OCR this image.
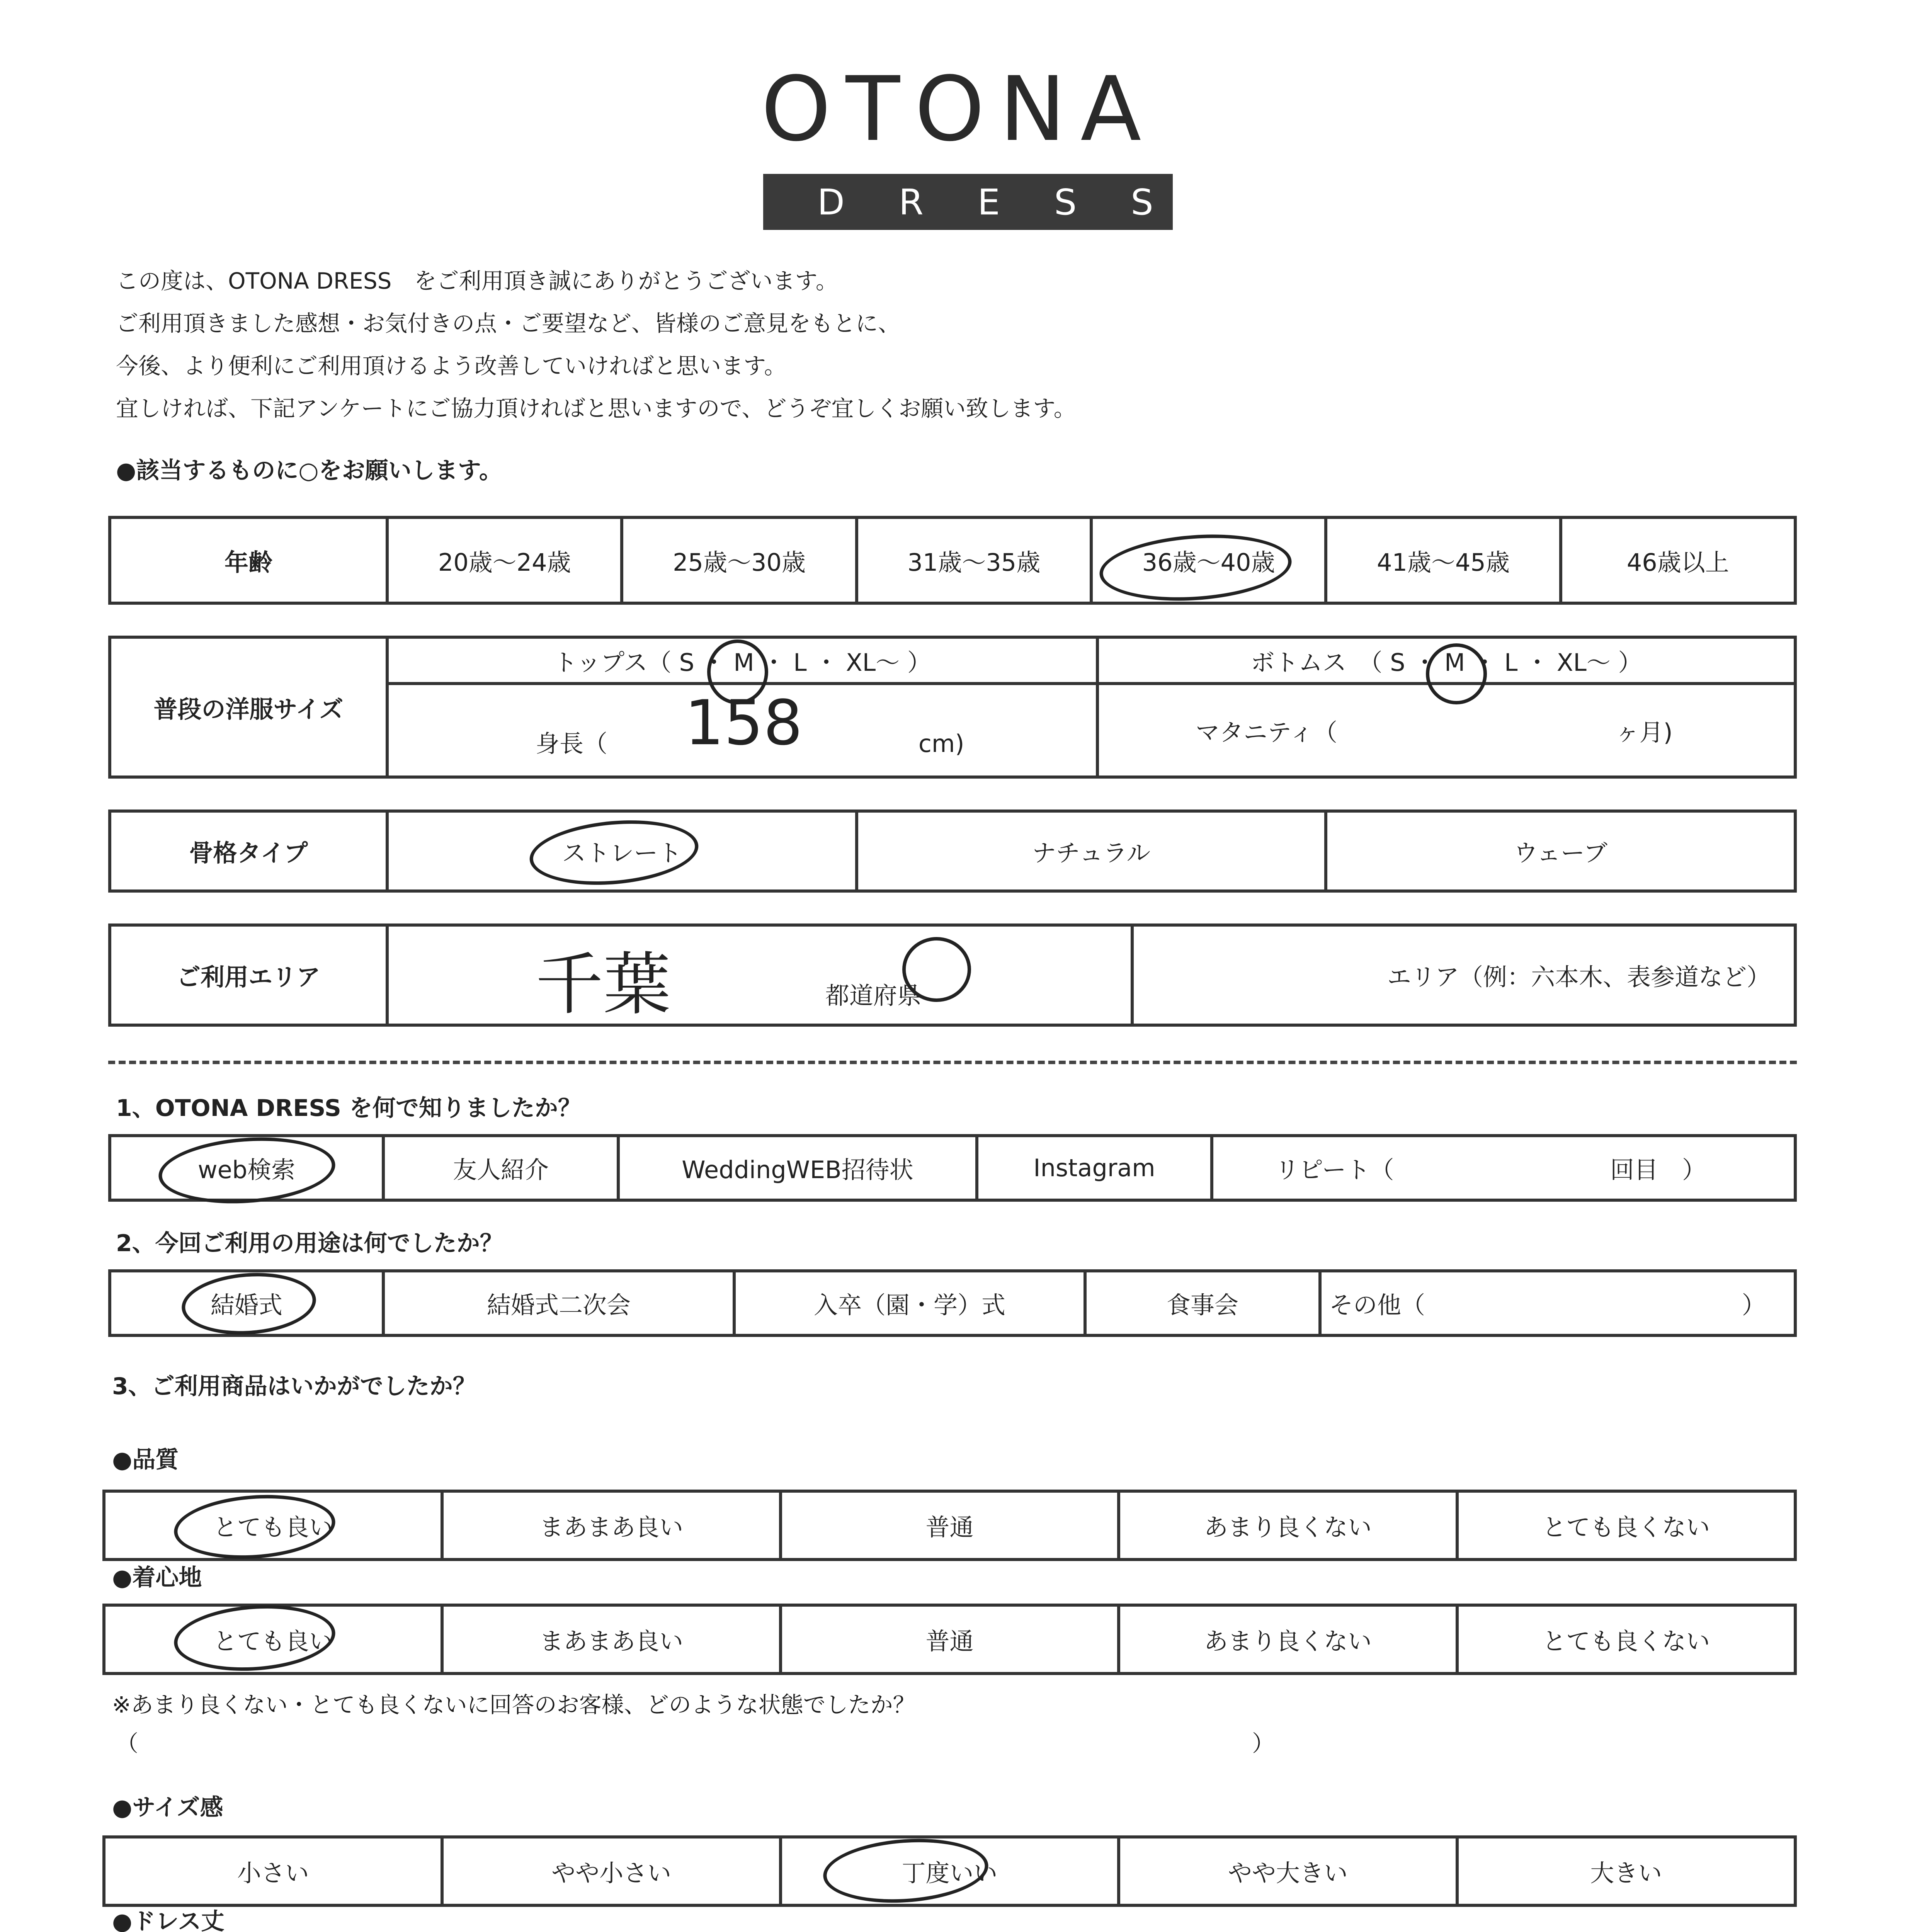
OTONA
DRESS
この度は、OTONA DRESS　をご利用頂き誠にありがとうございます。
ご利用頂きました感想・お気付きの点・ご要望など、皆様のご意見をもとに、
今後、より便利にご利用頂けるよう改善していければと思います。
宜しければ、下記アンケートにご協力頂ければと思いますので、どうぞ宜しくお願い致します。
●該当するものに○をお願いします。
年齢	20歳～24歳	25歳～30歳	31歳～35歳	36歳～40歳	41歳～45歳	46歳以上
普段の洋服サイズ	トップス（ S ・ M ・ L ・ XL～ ）	ボトムス　（ S ・ M ・ L ・ XL～ ）
	身長（ 158 cm)	マタニティ（ ヶ月)
骨格タイプ	ストレート	ナチュラル	ウェーブ
ご利用エリア	千葉	都道府県	エリア（例：六本木、表参道など）
1、OTONA DRESS を何で知りましたか？
web検索	友人紹介	WeddingWEB招待状	Instagram	リピート（	回目　）
2、今回ご利用の用途は何でしたか？
結婚式	結婚式二次会	入卒（園・学）式	食事会	その他（	）
3、ご利用商品はいかがでしたか？
●品質
とても良い	まあまあ良い	普通	あまり良くない	とても良くない
●着心地
とても良い	まあまあ良い	普通	あまり良くない	とても良くない
※あまり良くない・とても良くないに回答のお客様、どのような状態でしたか？
（	）
●サイズ感
小さい	やや小さい	丁度いい	やや大きい	大きい
●ドレス丈
